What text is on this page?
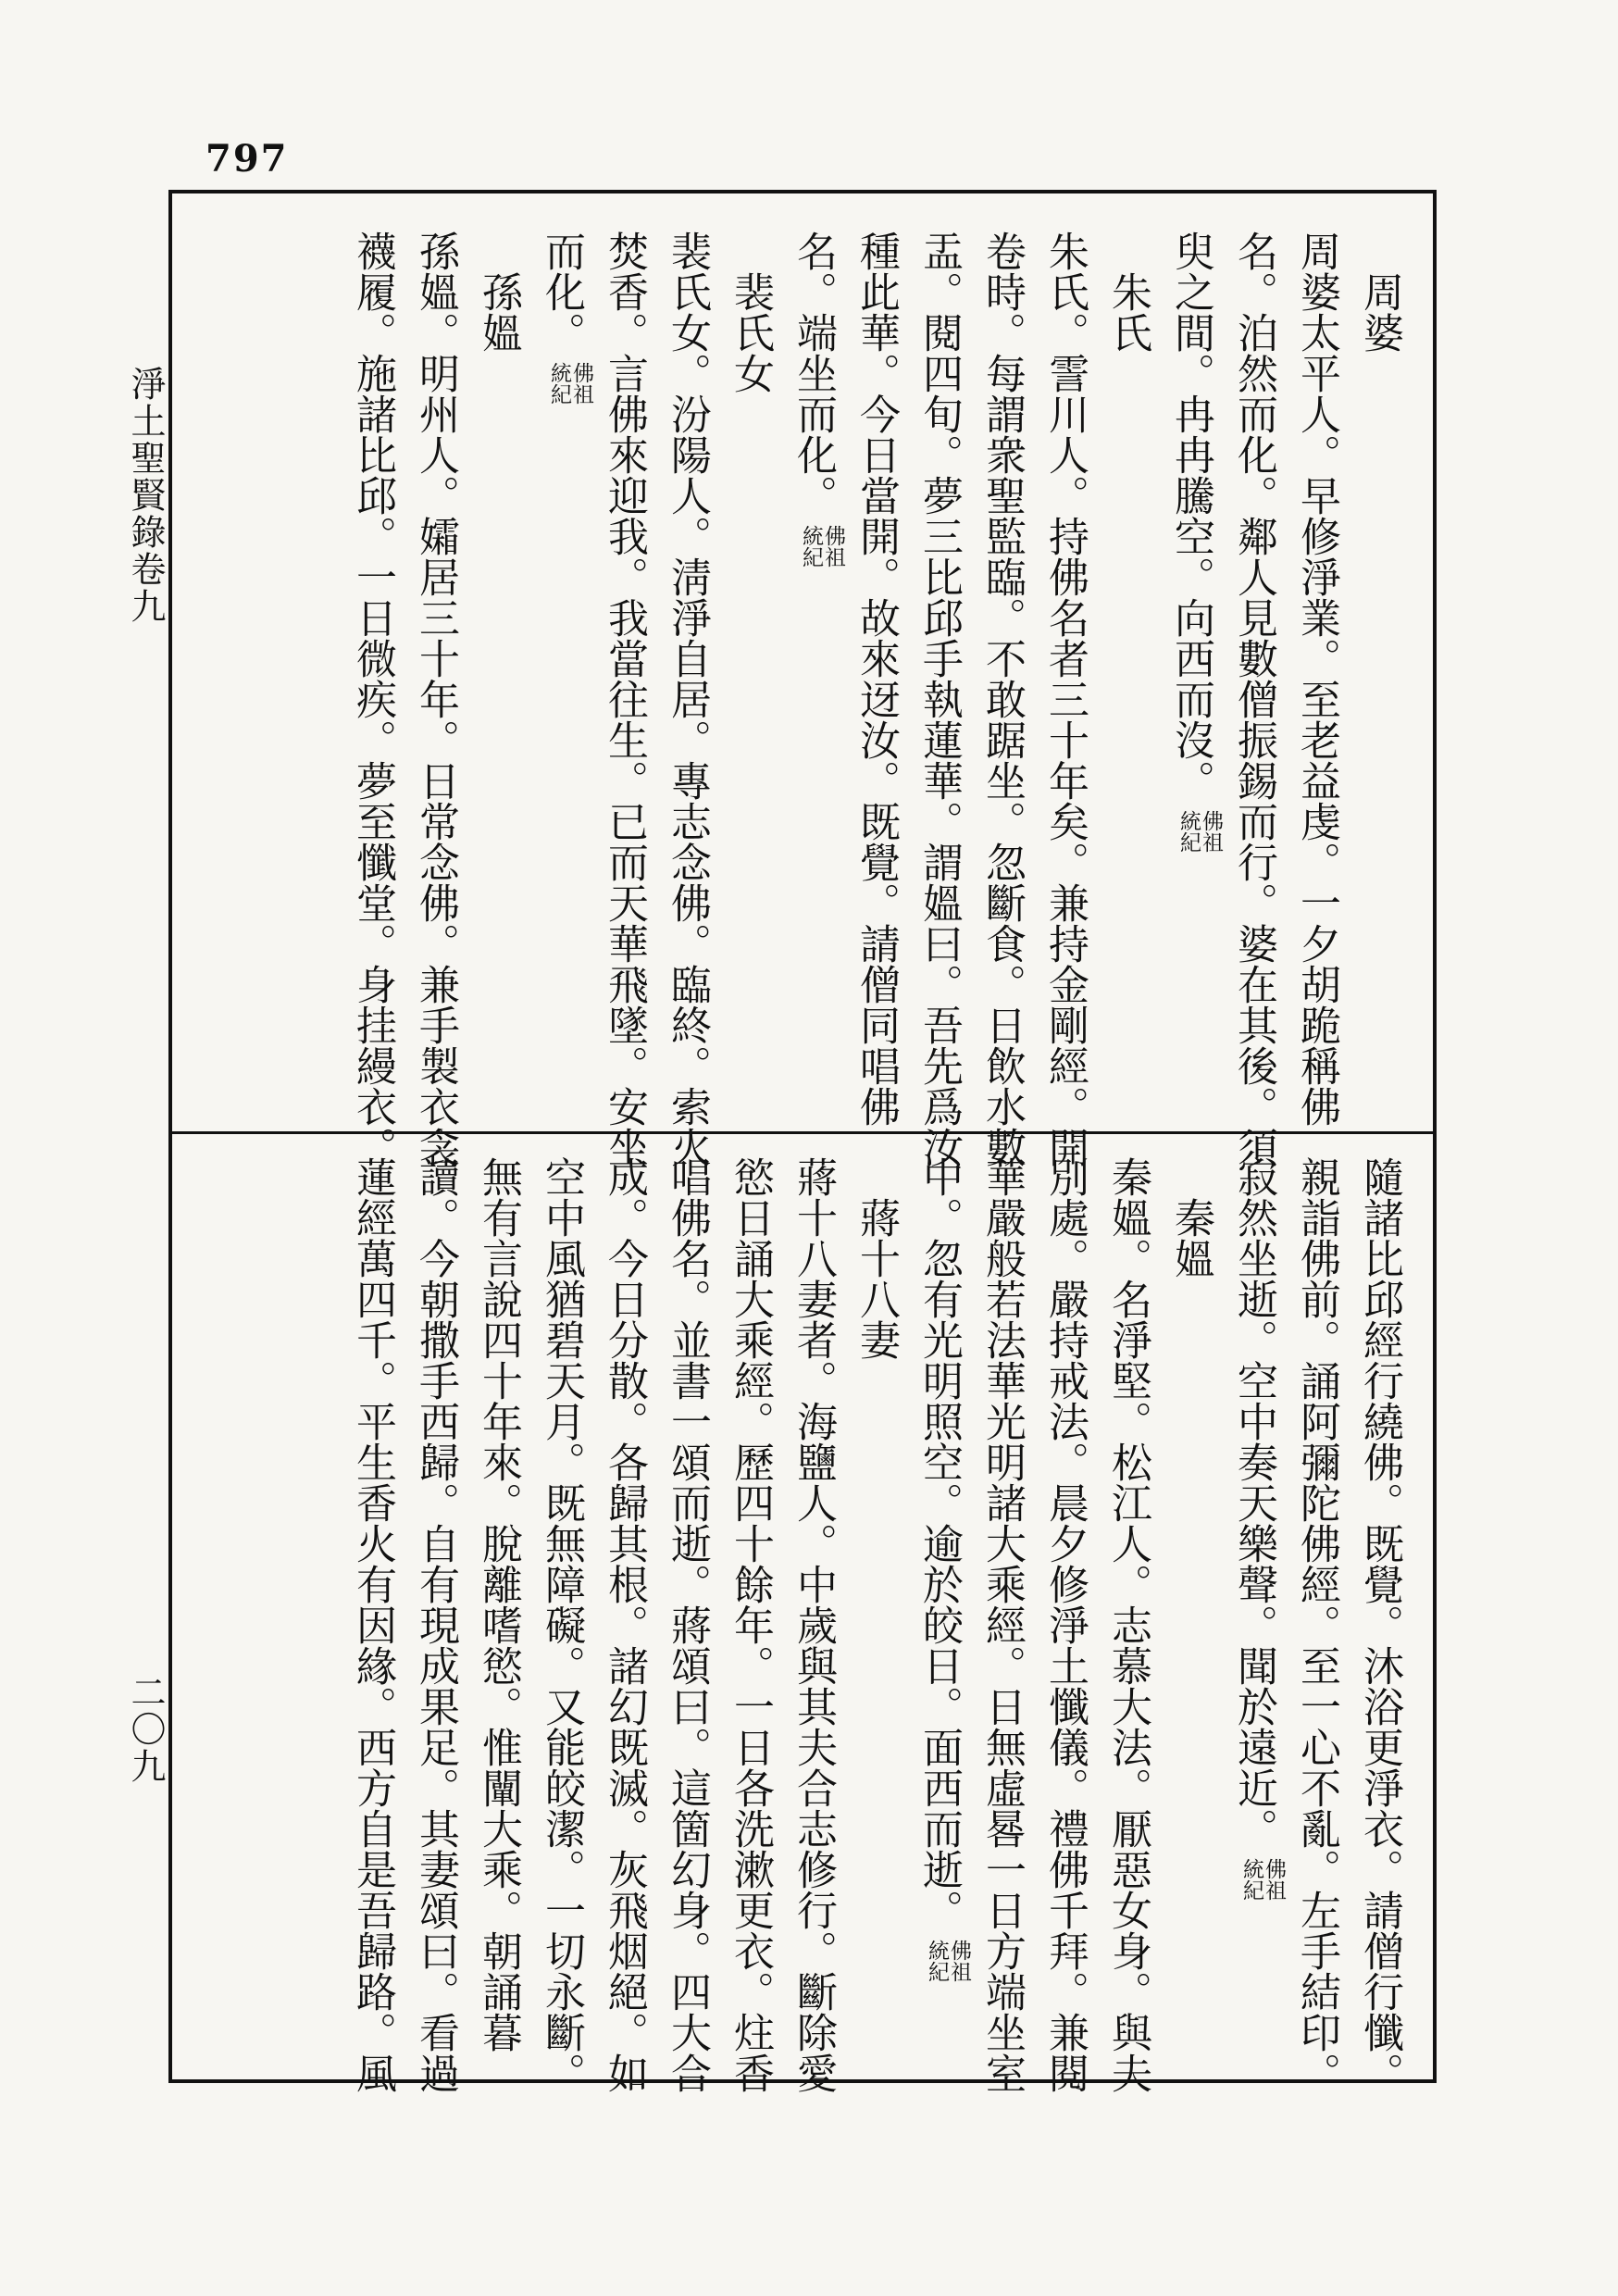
797
淨土聖賢錄卷九
二〇九
周婆
周婆太平人。早修淨業。至老益虔。一夕胡跪稱佛
名。泊然而化。鄰人見數僧振錫而行。婆在其後。須
臾之間。冉冉騰空。向西而沒。
佛祖
統紀
朱氏
朱氏。霅川人。持佛名者三十年矣。兼持金剛經。開
卷時。每謂衆聖監臨。不敢踞坐。忽斷食。日飲水數
盂。閱四旬。夢三比邱手執蓮華。謂媼曰。吾先爲汝
種此華。今日當開。故來迓汝。既覺。請僧同唱佛
名。端坐而化。
佛祖
統紀
裴氏女
裴氏女。汾陽人。淸淨自居。專志念佛。臨終。索火
焚香。言佛來迎我。我當往生。已而天華飛墜。安坐
而化。
佛祖
統紀
孫媼
孫媼。明州人。孀居三十年。日常念佛。兼手製衣衾
襪履。施諸比邱。一日微疾。夢至懺堂。身挂縵衣。
隨諸比邱經行繞佛。既覺。沐浴更淨衣。請僧行懺。
親詣佛前。誦阿彌陀佛經。至一心不亂。左手結印。
寂然坐逝。空中奏天樂聲。聞於遠近。
佛祖
統紀
秦媼
秦媼。名淨堅。松江人。志慕大法。厭惡女身。與夫
別處。嚴持戒法。晨夕修淨土懺儀。禮佛千拜。兼閱
華嚴般若法華光明諸大乘經。日無虛晷一日方端坐室
中。忽有光明照空。逾於皎日。面西而逝。
佛祖
統紀
蔣十八妻
蔣十八妻者。海鹽人。中歲與其夫合志修行。斷除愛
慾日誦大乘經。歷四十餘年。一日各洗漱更衣。炷香
唱佛名。並書一頌而逝。蔣頌曰。這箇幻身。四大合
成。今日分散。各歸其根。諸幻既滅。灰飛烟絕。如
空中風猶碧天月。既無障礙。又能皎潔。一切永斷。
無有言說四十年來。脫離嗜慾。惟闡大乘。朝誦暮
讀。今朝撒手西歸。自有現成果足。其妻頌曰。看過
蓮經萬四千。平生香火有因緣。西方自是吾歸路。風
